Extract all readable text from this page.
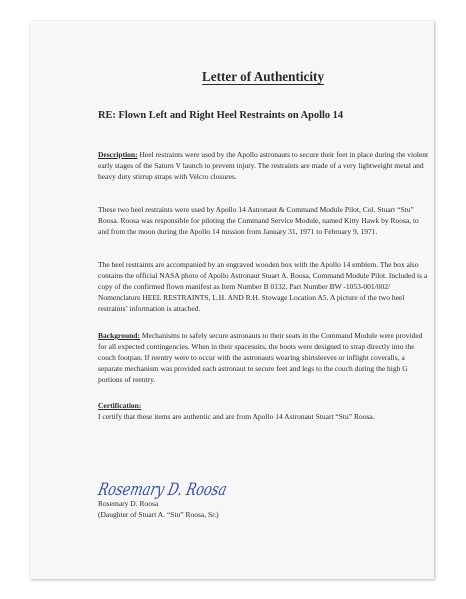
Letter of Authenticity
RE: Flown Left and Right Heel Restraints on Apollo 14

Description: Heel restraints were used by the Apollo astronauts to secure their feet in place during the violent early stages of the Saturn V launch to prevent injury. The restraints are made of a very lightweight metal and heavy duty stirrup straps with Velcro closures.

These two heel restraints were used by Apollo 14 Astronaut & Command Module Pilot, Col. Stuart “Stu” Roosa. Roosa was responsible for piloting the Command Service Module, named Kitty Hawk by Roosa, to and from the moon during the Apollo 14 mission from January 31, 1971 to February 9, 1971.

The heel restraints are accompanied by an engraved wooden box with the Apollo 14 emblem. The box also contains the official NASA photo of Apollo Astronaut Stuart A. Roosa, Command Module Pilot. Included is a copy of the confirmed flown manifest as Item Number B 0132, Part Number BW -1053-001/002/ Nomenclature HEEL RESTRAINTS, L.H. AND R.H. Stowage Location A5. A picture of the two heel restraints’ information is attached.

Background: Mechanisms to safely secure astronauts to their seats in the Command Module were provided for all expected contingencies. When in their spacesuits, the boots were designed to strap directly into the couch footpan. If reentry were to occur with the astronauts wearing shirtsleeves or inflight coveralls, a separate mechanism was provided each astronaut to secure feet and legs to the couch during the high G portions of reentry.

Certification:

I certify that these items are authentic and are from Apollo 14 Astronaut Stuart “Stu” Roosa.

Rosemary D. Roosa
Rosemary D. Roosa
(Daughter of Stuart A. “Stu” Roosa, Sr.)
